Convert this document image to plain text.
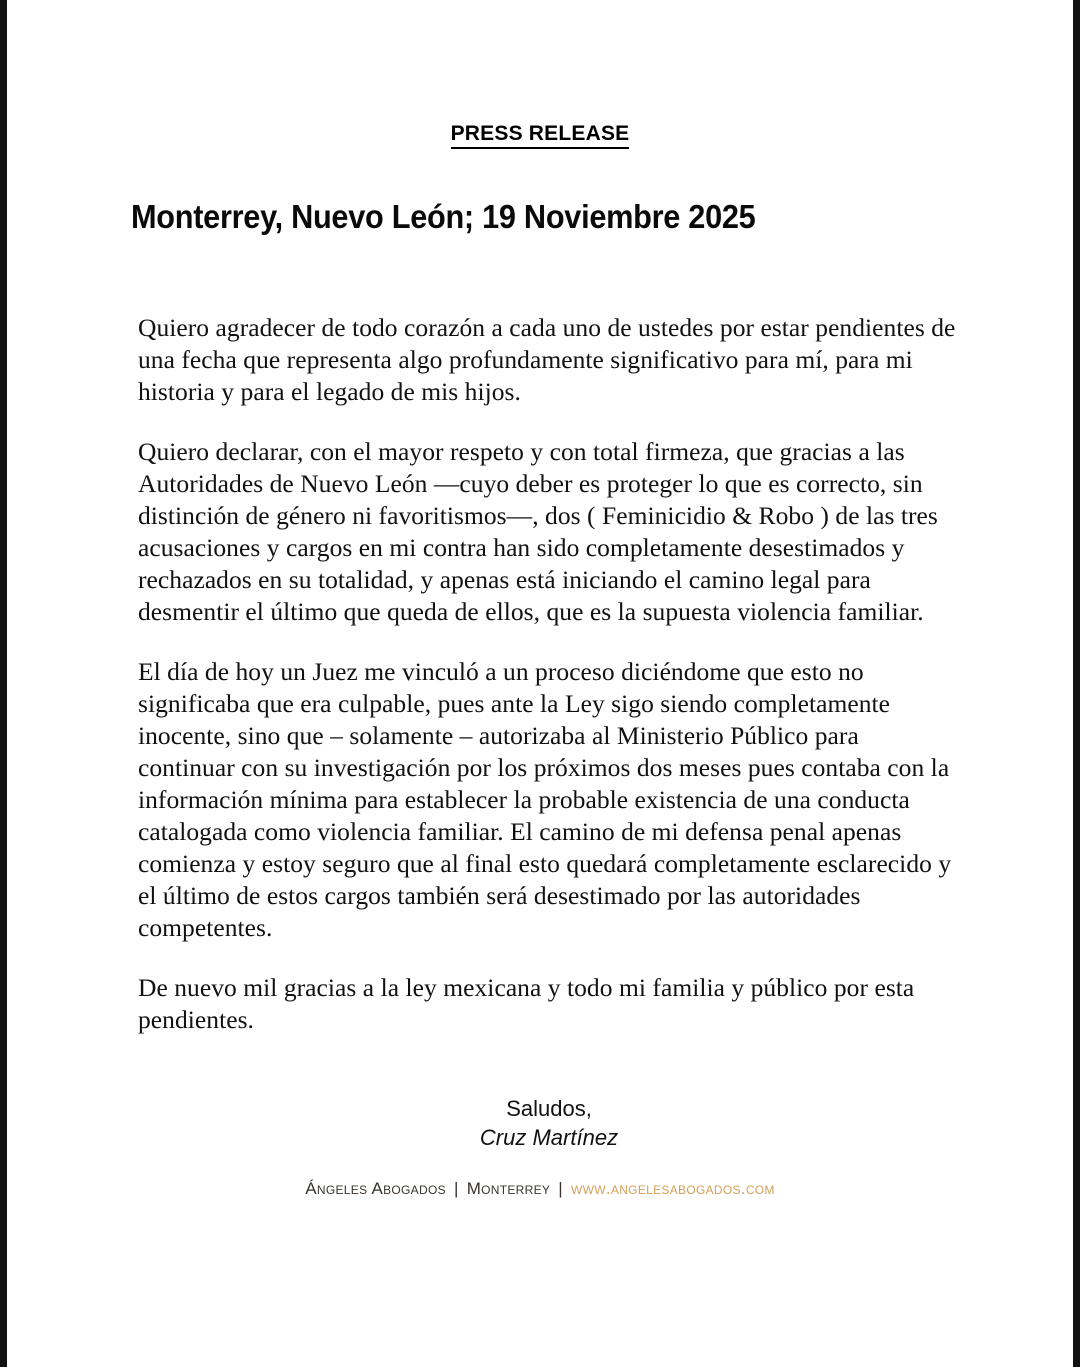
PRESS RELEASE
Monterrey, Nuevo León; 19 Noviembre 2025

Quiero agradecer de todo corazón a cada uno de ustedes por estar pendientes de una fecha que representa algo profundamente significativo para mí, para mi historia y para el legado de mis hijos.

Quiero declarar, con el mayor respeto y con total firmeza, que gracias a las Autoridades de Nuevo León —cuyo deber es proteger lo que es correcto, sin distinción de género ni favoritismos—, dos ( Feminicidio & Robo ) de las tres acusaciones y cargos en mi contra han sido completamente desestimados y rechazados en su totalidad, y apenas está iniciando el camino legal para desmentir el último que queda de ellos, que es la supuesta violencia familiar.

El día de hoy un Juez me vinculó a un proceso diciéndome que esto no significaba que era culpable, pues ante la Ley sigo siendo completamente inocente, sino que – solamente – autorizaba al Ministerio Público para continuar con su investigación por los próximos dos meses pues contaba con la información mínima para establecer la probable existencia de una conducta catalogada como violencia familiar. El camino de mi defensa penal apenas comienza y estoy seguro que al final esto quedará completamente esclarecido y el último de estos cargos también será desestimado por las autoridades competentes.

De nuevo mil gracias a la ley mexicana y todo mi familia y público por esta pendientes.

Saludos,
Cruz Martínez
Ángeles Abogados | Monterrey | www.angelesabogados.com
